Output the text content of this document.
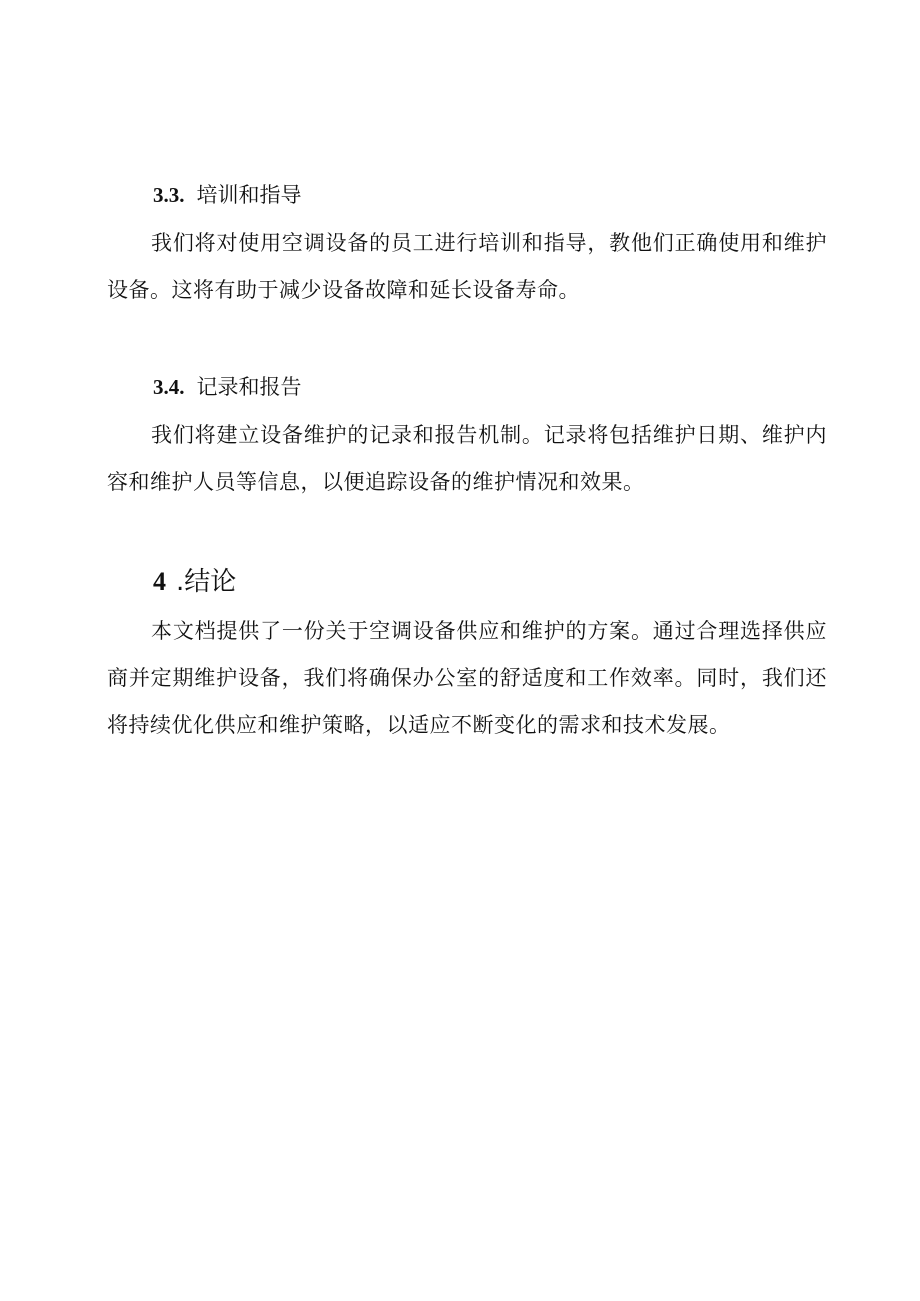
3.3. 培训和指导

我们将对使用空调设备的员工进行培训和指导，教他们正确使用和维护设备。这将有助于减少设备故障和延长设备寿命。

3.4. 记录和报告

我们将建立设备维护的记录和报告机制。记录将包括维护日期、维护内容和维护人员等信息，以便追踪设备的维护情况和效果。

4 .结论

本文档提供了一份关于空调设备供应和维护的方案。通过合理选择供应商并定期维护设备，我们将确保办公室的舒适度和工作效率。同时，我们还将持续优化供应和维护策略，以适应不断变化的需求和技术发展。
